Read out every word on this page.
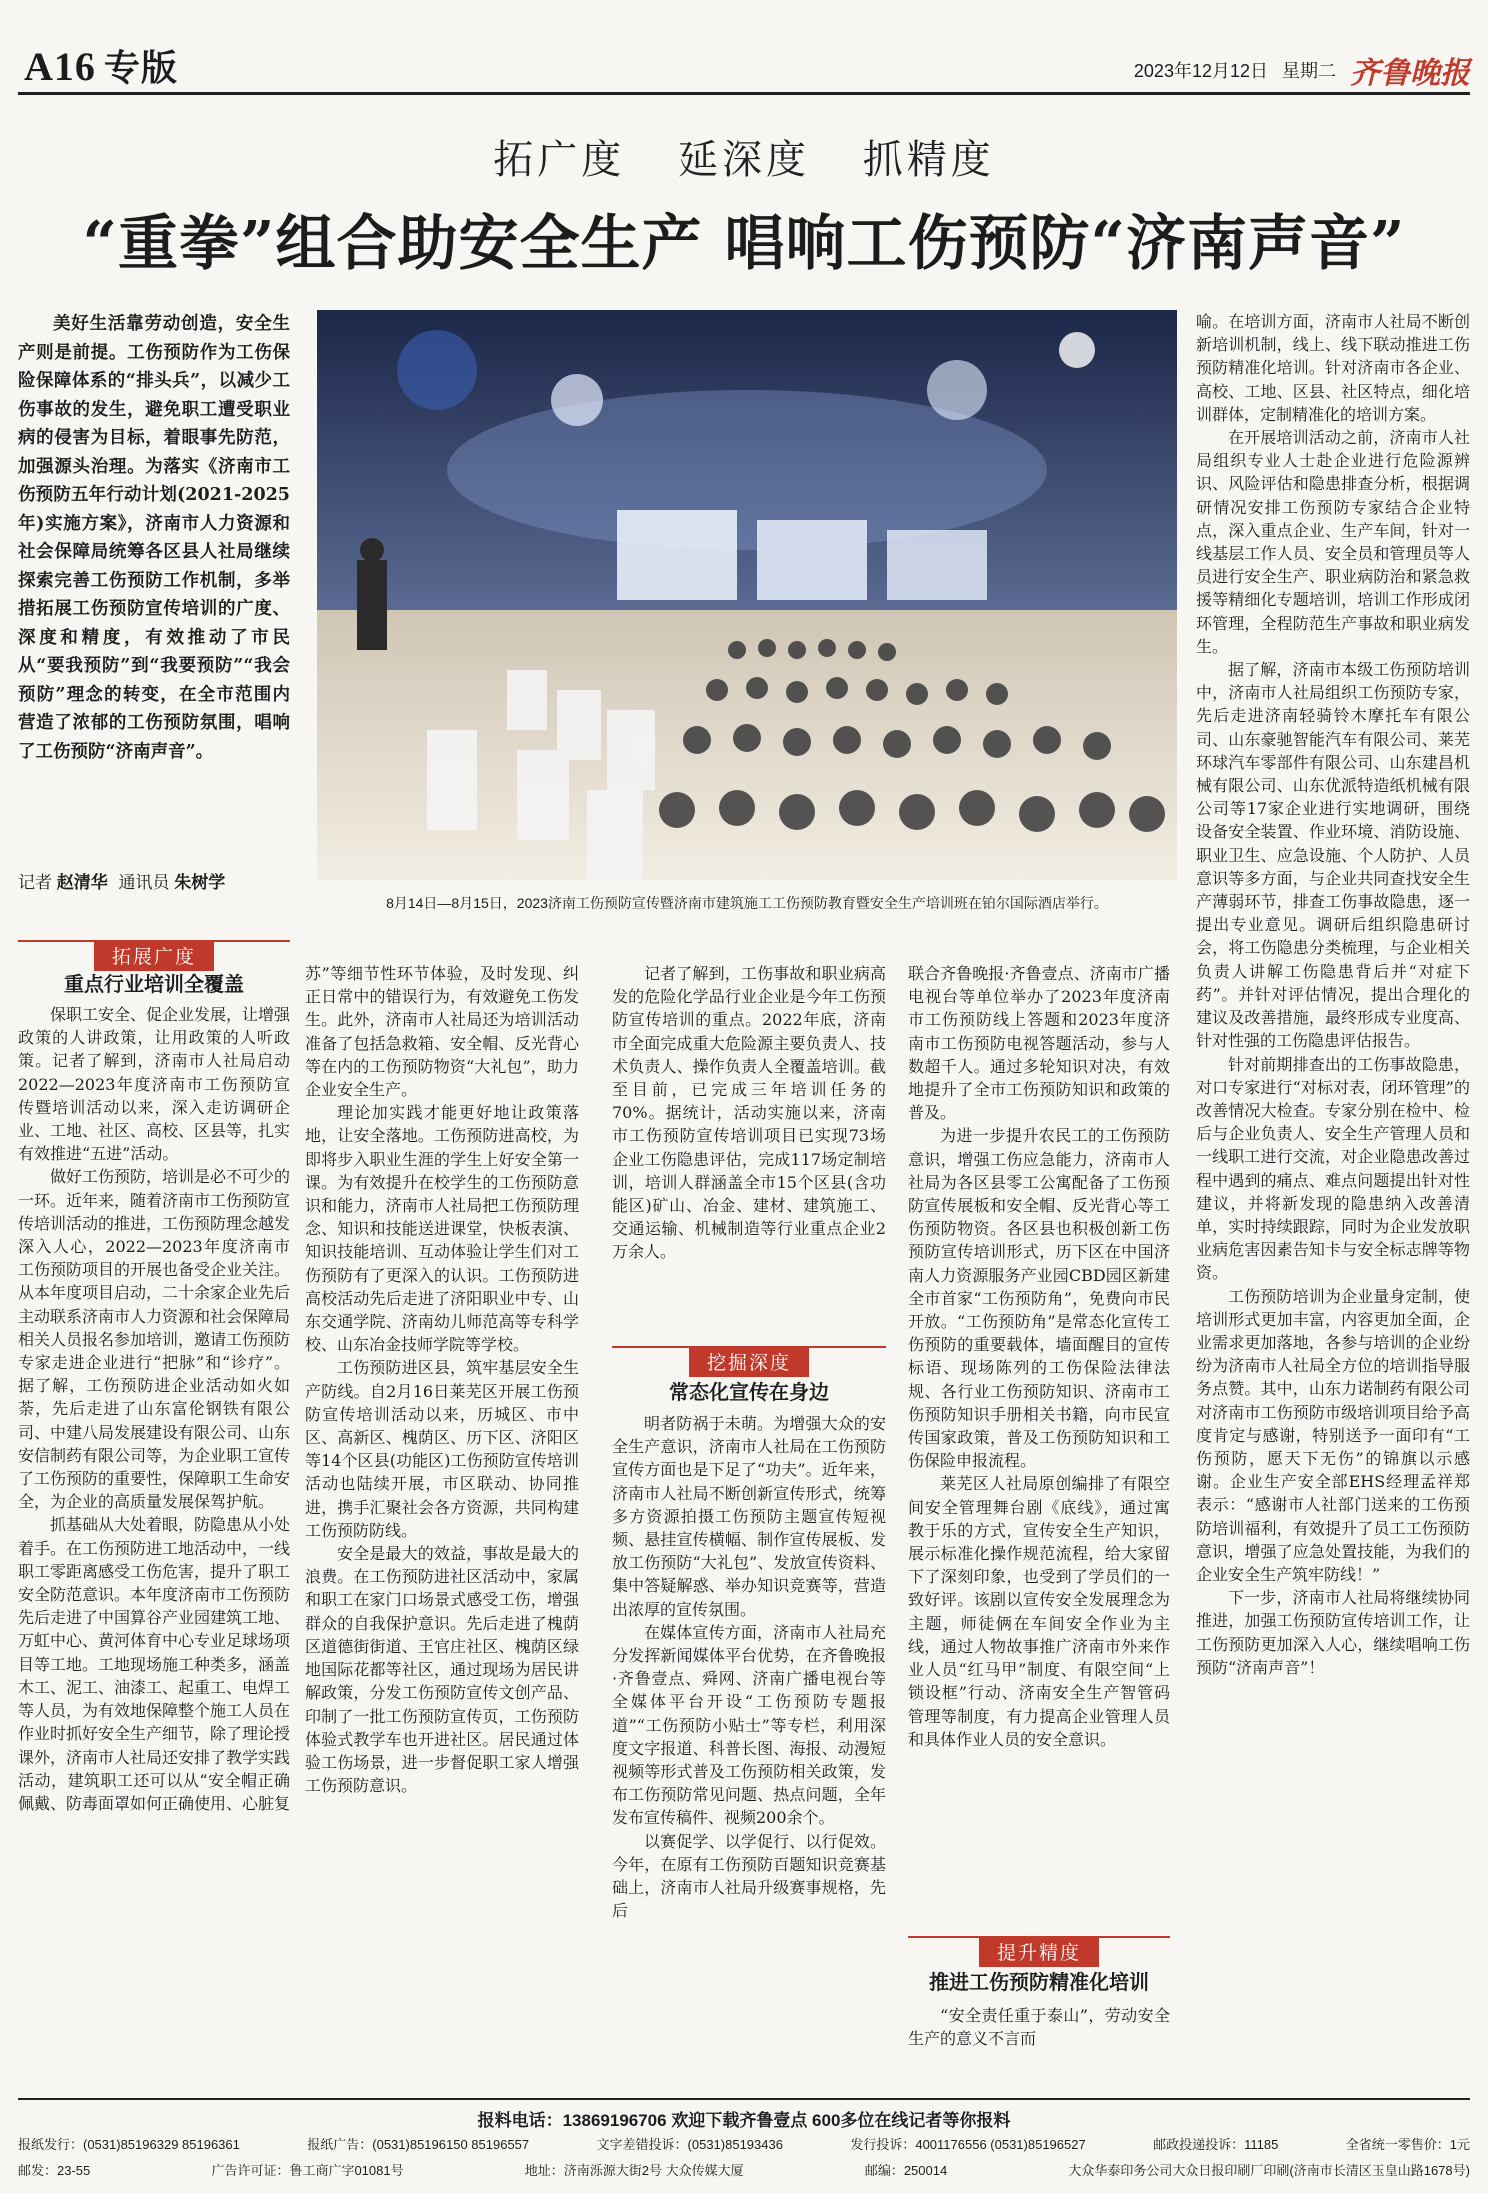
A16 专版	2023年12月12日 星期二 齐鲁晚报
拓广度 延深度 抓精度
“重拳”组合助安全生产 唱响工伤预防“济南声音”
美好生活靠劳动创造，安全生产则是前提。工伤预防作为工伤保险保障体系的“排头兵”，以减少工伤事故的发生，避免职工遭受职业病的侵害为目标，着眼事先防范，加强源头治理。为落实《济南市工伤预防五年行动计划(2021-2025年)实施方案》，济南市人力资源和社会保障局统筹各区县人社局继续探索完善工伤预防工作机制，多举措拓展工伤预防宣传培训的广度、深度和精度，有效推动了市民从“要我预防”到“我要预防”“我会预防”理念的转变，在全市范围内营造了浓郁的工伤预防氛围，唱响了工伤预防“济南声音”。
记者 赵清华 通讯员 朱树学
8月14日—8月15日，2023济南工伤预防宣传暨济南市建筑施工工伤预防教育暨安全生产培训班在铂尔国际酒店举行。
拓展广度
重点行业培训全覆盖

保职工安全、促企业发展，让增强政策的人讲政策，让用政策的人听政策。记者了解到，济南市人社局启动2022—2023年度济南市工伤预防宣传暨培训活动以来，深入走访调研企业、工地、社区、高校、区县等，扎实有效推进“五进”活动。

做好工伤预防，培训是必不可少的一环。近年来，随着济南市工伤预防宣传培训活动的推进，工伤预防理念越发深入人心，2022—2023年度济南市工伤预防项目的开展也备受企业关注。从本年度项目启动，二十余家企业先后主动联系济南市人力资源和社会保障局相关人员报名参加培训，邀请工伤预防专家走进企业进行“把脉”和“诊疗”。据了解，工伤预防进企业活动如火如荼，先后走进了山东富伦钢铁有限公司、中建八局发展建设有限公司、山东安信制药有限公司等，为企业职工宣传了工伤预防的重要性，保障职工生命安全，为企业的高质量发展保驾护航。

抓基础从大处着眼，防隐患从小处着手。在工伤预防进工地活动中，一线职工零距离感受工伤危害，提升了职工安全防范意识。本年度济南市工伤预防先后走进了中国算谷产业园建筑工地、万虹中心、黄河体育中心专业足球场项目等工地。工地现场施工种类多，涵盖木工、泥工、油漆工、起重工、电焊工等人员，为有效地保障整个施工人员在作业时抓好安全生产细节，除了理论授课外，济南市人社局还安排了教学实践活动，建筑职工还可以从“安全帽正确佩戴、防毒面罩如何正确使用、心脏复

苏”等细节性环节体验，及时发现、纠正日常中的错误行为，有效避免工伤发生。此外，济南市人社局还为培训活动准备了包括急救箱、安全帽、反光背心等在内的工伤预防物资“大礼包”，助力企业安全生产。

理论加实践才能更好地让政策落地，让安全落地。工伤预防进高校，为即将步入职业生涯的学生上好安全第一课。为有效提升在校学生的工伤预防意识和能力，济南市人社局把工伤预防理念、知识和技能送进课堂，快板表演、知识技能培训、互动体验让学生们对工伤预防有了更深入的认识。工伤预防进高校活动先后走进了济阳职业中专、山东交通学院、济南幼儿师范高等专科学校、山东冶金技师学院等学校。

工伤预防进区县，筑牢基层安全生产防线。自2月16日莱芜区开展工伤预防宣传培训活动以来，历城区、市中区、高新区、槐荫区、历下区、济阳区等14个区县(功能区)工伤预防宣传培训活动也陆续开展，市区联动、协同推进，携手汇聚社会各方资源，共同构建工伤预防防线。

安全是最大的效益，事故是最大的浪费。在工伤预防进社区活动中，家属和职工在家门口场景式感受工伤，增强群众的自我保护意识。先后走进了槐荫区道德街街道、王官庄社区、槐荫区绿地国际花都等社区，通过现场为居民讲解政策，分发工伤预防宣传文创产品、印制了一批工伤预防宣传页，工伤预防体验式教学车也开进社区。居民通过体验工伤场景，进一步督促职工家人增强工伤预防意识。

记者了解到，工伤事故和职业病高发的危险化学品行业企业是今年工伤预防宣传培训的重点。2022年底，济南市全面完成重大危险源主要负责人、技术负责人、操作负责人全覆盖培训。截至目前，已完成三年培训任务的70%。据统计，活动实施以来，济南市工伤预防宣传培训项目已实现73场企业工伤隐患评估，完成117场定制培训，培训人群涵盖全市15个区县(含功能区)矿山、冶金、建材、建筑施工、交通运输、机械制造等行业重点企业2万余人。

挖掘深度
常态化宣传在身边

明者防祸于未萌。为增强大众的安全生产意识，济南市人社局在工伤预防宣传方面也是下足了“功夫”。近年来，济南市人社局不断创新宣传形式，统筹多方资源拍摄工伤预防主题宣传短视频、悬挂宣传横幅、制作宣传展板、发放工伤预防“大礼包”、发放宣传资料、集中答疑解惑、举办知识竞赛等，营造出浓厚的宣传氛围。

在媒体宣传方面，济南市人社局充分发挥新闻媒体平台优势，在齐鲁晚报·齐鲁壹点、舜网、济南广播电视台等全媒体平台开设“工伤预防专题报道”“工伤预防小贴士”等专栏，利用深度文字报道、科普长图、海报、动漫短视频等形式普及工伤预防相关政策，发布工伤预防常见问题、热点问题，全年发布宣传稿件、视频200余个。

以赛促学、以学促行、以行促效。今年，在原有工伤预防百题知识竞赛基础上，济南市人社局升级赛事规格，先后

联合齐鲁晚报·齐鲁壹点、济南市广播电视台等单位举办了2023年度济南市工伤预防线上答题和2023年度济南市工伤预防电视答题活动，参与人数超千人。通过多轮知识对决，有效地提升了全市工伤预防知识和政策的普及。

为进一步提升农民工的工伤预防意识，增强工伤应急能力，济南市人社局为各区县零工公寓配备了工伤预防宣传展板和安全帽、反光背心等工伤预防物资。各区县也积极创新工伤预防宣传培训形式，历下区在中国济南人力资源服务产业园CBD园区新建全市首家“工伤预防角”，免费向市民开放。“工伤预防角”是常态化宣传工伤预防的重要载体，墙面醒目的宣传标语、现场陈列的工伤保险法律法规、各行业工伤预防知识、济南市工伤预防知识手册相关书籍，向市民宣传国家政策，普及工伤预防知识和工伤保险申报流程。

莱芜区人社局原创编排了有限空间安全管理舞台剧《底线》，通过寓教于乐的方式，宣传安全生产知识，展示标准化操作规范流程，给大家留下了深刻印象，也受到了学员们的一致好评。该剧以宣传安全发展理念为主题，师徒俩在车间安全作业为主线，通过人物故事推广济南市外来作业人员“红马甲”制度、有限空间“上锁设框”行动、济南安全生产智管码管理等制度，有力提高企业管理人员和具体作业人员的安全意识。

提升精度
推进工伤预防精准化培训

“安全责任重于泰山”，劳动安全生产的意义不言而

喻。在培训方面，济南市人社局不断创新培训机制，线上、线下联动推进工伤预防精准化培训。针对济南市各企业、高校、工地、区县、社区特点，细化培训群体，定制精准化的培训方案。

在开展培训活动之前，济南市人社局组织专业人士赴企业进行危险源辨识、风险评估和隐患排查分析，根据调研情况安排工伤预防专家结合企业特点，深入重点企业、生产车间，针对一线基层工作人员、安全员和管理员等人员进行安全生产、职业病防治和紧急救援等精细化专题培训，培训工作形成闭环管理，全程防范生产事故和职业病发生。

据了解，济南市本级工伤预防培训中，济南市人社局组织工伤预防专家，先后走进济南轻骑铃木摩托车有限公司、山东豪驰智能汽车有限公司、莱芜环球汽车零部件有限公司、山东建昌机械有限公司、山东优派特造纸机械有限公司等17家企业进行实地调研，围绕设备安全装置、作业环境、消防设施、职业卫生、应急设施、个人防护、人员意识等多方面，与企业共同查找安全生产薄弱环节，排查工伤事故隐患，逐一提出专业意见。调研后组织隐患研讨会，将工伤隐患分类梳理，与企业相关负责人讲解工伤隐患背后并“对症下药”。并针对评估情况，提出合理化的建议及改善措施，最终形成专业度高、针对性强的工伤隐患评估报告。

针对前期排查出的工伤事故隐患，对口专家进行“对标对表，闭环管理”的改善情况大检查。专家分别在检中、检后与企业负责人、安全生产管理人员和一线职工进行交流，对企业隐患改善过程中遇到的痛点、难点问题提出针对性建议，并将新发现的隐患纳入改善清单，实时持续跟踪，同时为企业发放职业病危害因素告知卡与安全标志牌等物资。

工伤预防培训为企业量身定制，使培训形式更加丰富，内容更加全面，企业需求更加落地，各参与培训的企业纷纷为济南市人社局全方位的培训指导服务点赞。其中，山东力诺制药有限公司对济南市工伤预防市级培训项目给予高度肯定与感谢，特别送予一面印有“工伤预防，愿天下无伤”的锦旗以示感谢。企业生产安全部EHS经理孟祥郑表示：“感谢市人社部门送来的工伤预防培训福利，有效提升了员工工伤预防意识，增强了应急处置技能，为我们的企业安全生产筑牢防线！”

下一步，济南市人社局将继续协同推进，加强工伤预防宣传培训工作，让工伤预防更加深入人心，继续唱响工伤预防“济南声音”！

报料电话：13869196706 欢迎下载齐鲁壹点 600多位在线记者等你报料
报纸发行：(0531)85196329 85196361	报纸广告：(0531)85196150 85196557	文字差错投诉：(0531)85193436	发行投诉：4001176556 (0531)85196527	邮政投递投诉：11185	全省统一零售价：1元
邮发：23-55	广告许可证：鲁工商广字01081号	地址：济南泺源大街2号 大众传媒大厦	邮编：250014	大众华泰印务公司大众日报印刷厂印刷(济南市长清区玉皇山路1678号)
